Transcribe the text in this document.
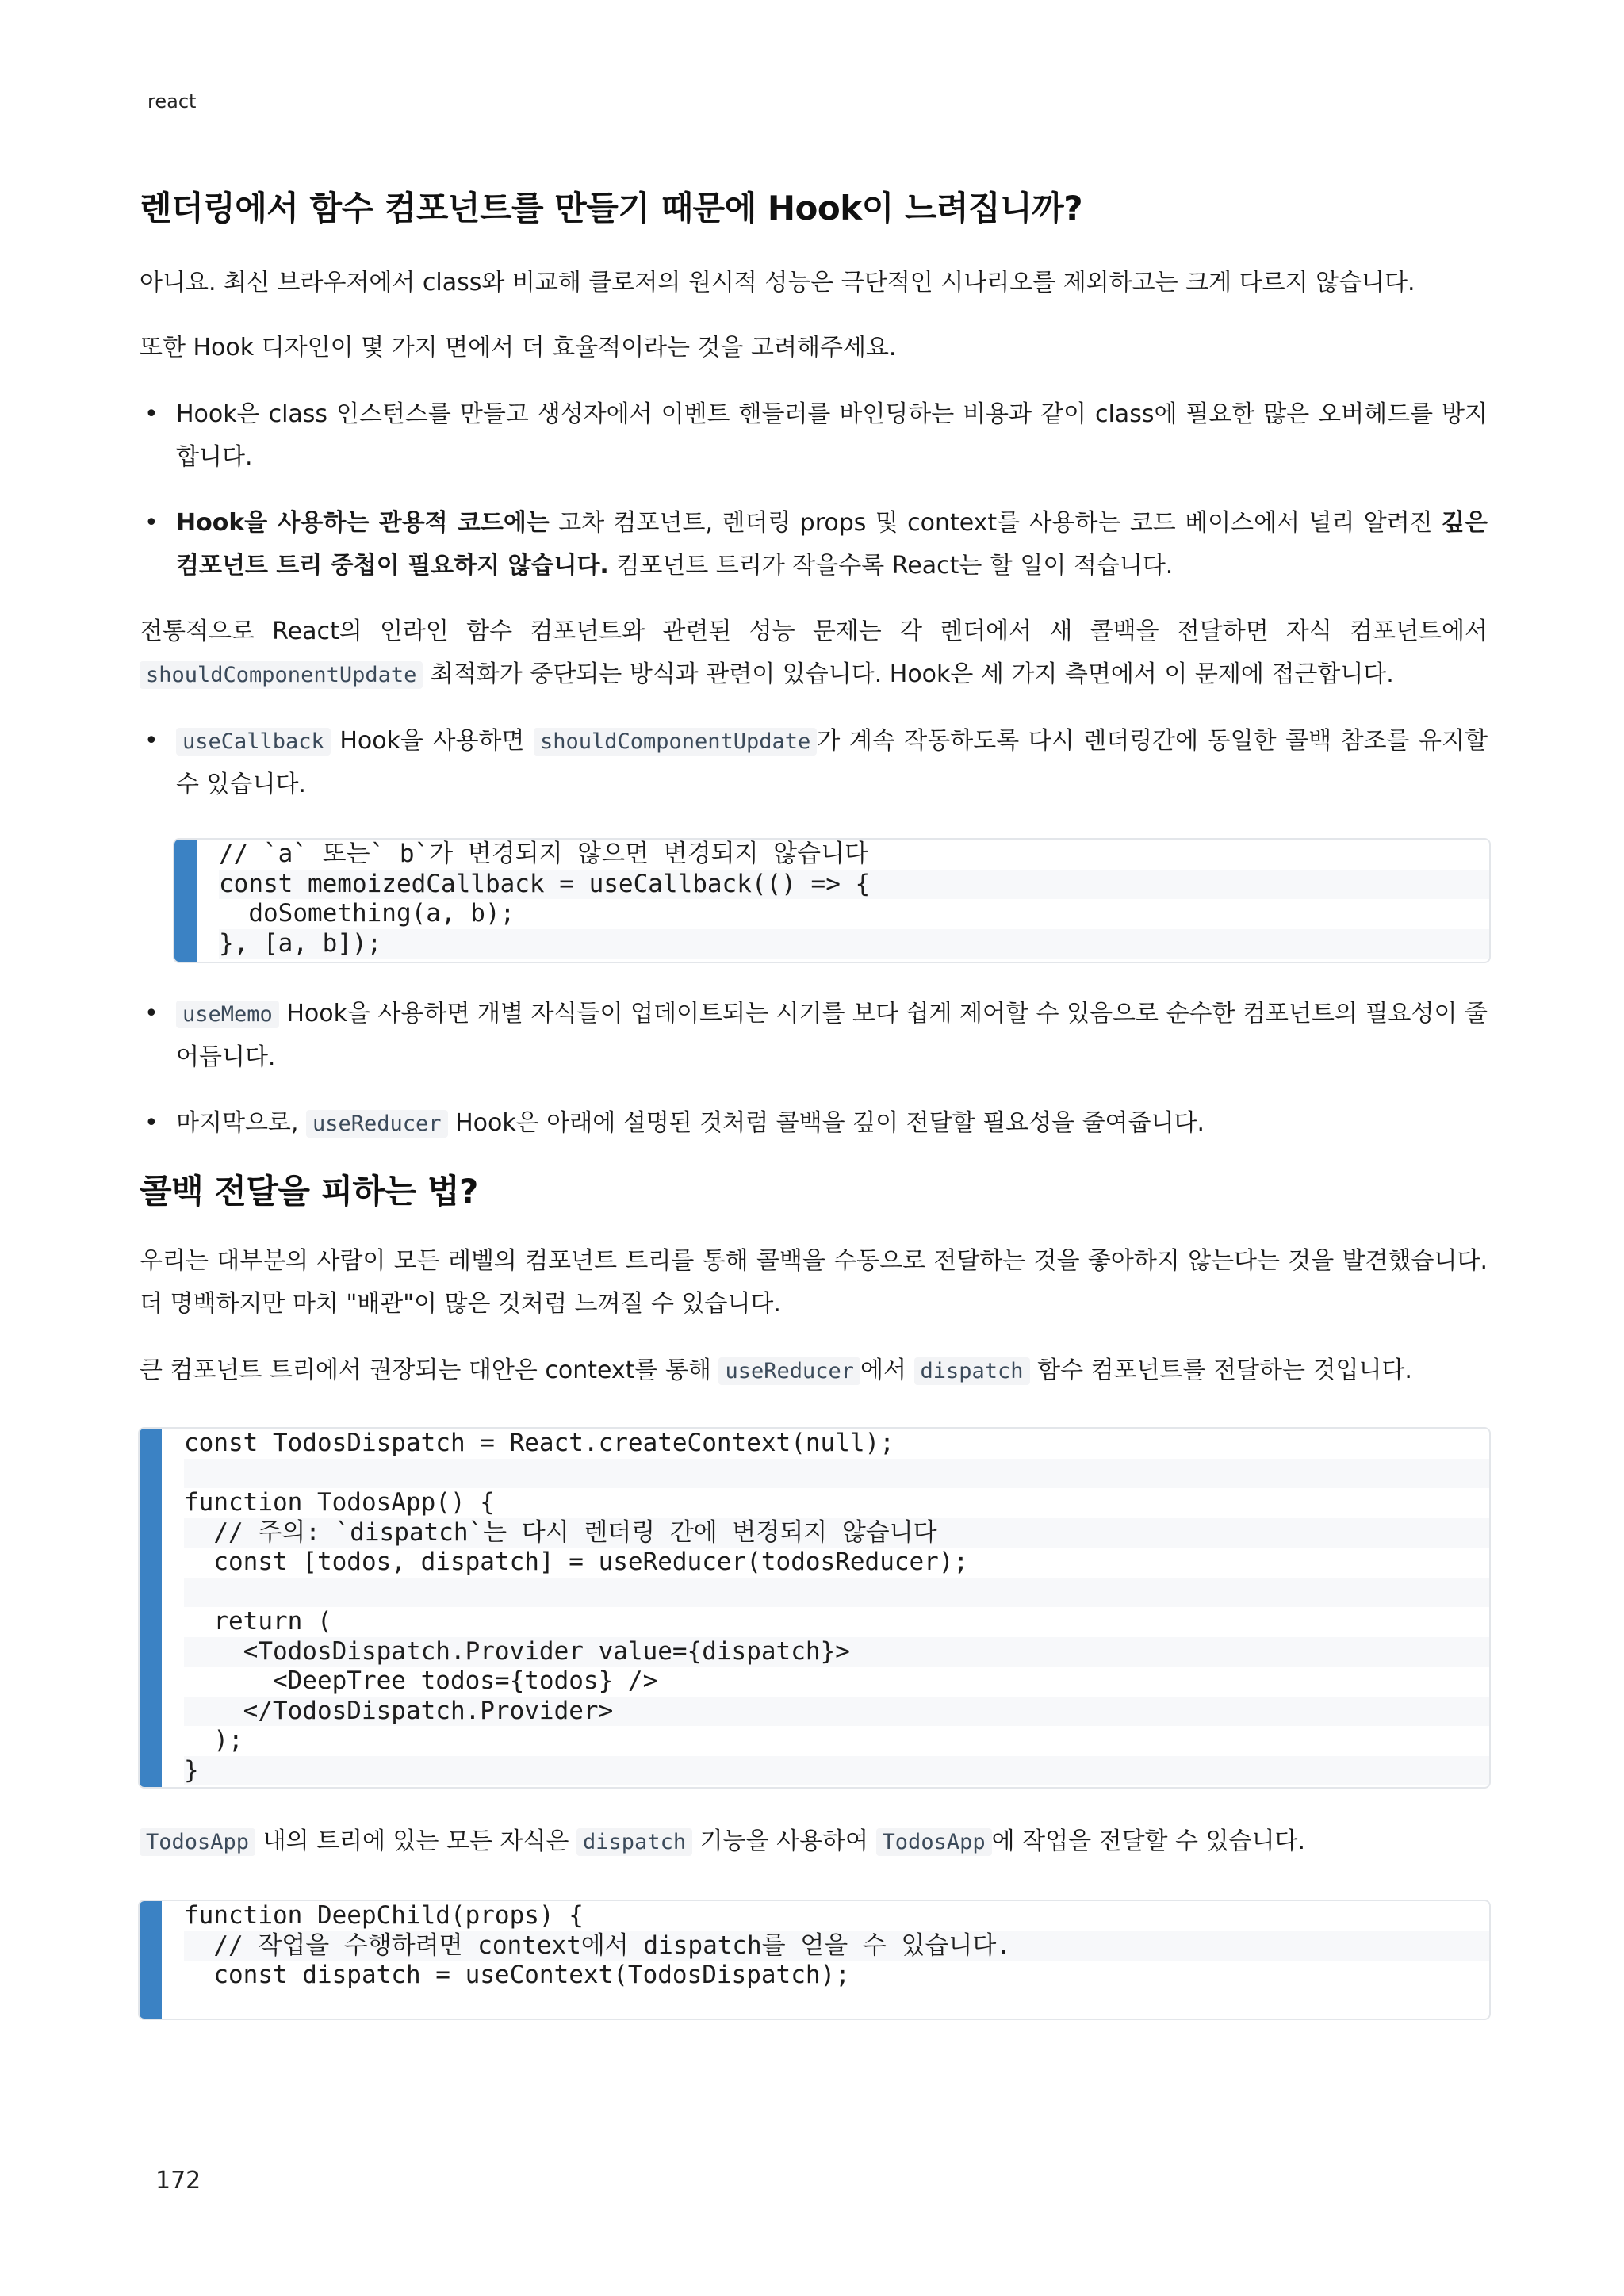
react
렌더링에서 함수 컴포넌트를 만들기 때문에 Hook이 느려집니까?

아니요. 최신 브라우저에서 class와 비교해 클로저의 원시적 성능은 극단적인 시나리오를 제외하고는 크게 다르지 않습니다.

또한 Hook 디자인이 몇 가지 면에서 더 효율적이라는 것을 고려해주세요.

• Hook은 class 인스턴스를 만들고 생성자에서 이벤트 핸들러를 바인딩하는 비용과 같이 class에 필요한 많은 오버헤드를 방지합니다.
• Hook을 사용하는 관용적 코드에는 고차 컴포넌트, 렌더링 props 및 context를 사용하는 코드 베이스에서 널리 알려진 깊은 컴포넌트 트리 중첩이 필요하지 않습니다. 컴포넌트 트리가 작을수록 React는 할 일이 적습니다.

전통적으로 React의 인라인 함수 컴포넌트와 관련된 성능 문제는 각 렌더에서 새 콜백을 전달하면 자식 컴포넌트에서 shouldComponentUpdate 최적화가 중단되는 방식과 관련이 있습니다. Hook은 세 가지 측면에서 이 문제에 접근합니다.

• useCallback Hook을 사용하면 shouldComponentUpdate 가 계속 작동하도록 다시 렌더링간에 동일한 콜백 참조를 유지할 수 있습니다.
// `a` 또는` b`가 변경되지 않으면 변경되지 않습니다
const memoizedCallback = useCallback(() => {
doSomething(a, b);
}, [a, b]);
• useMemo Hook을 사용하면 개별 자식들이 업데이트되는 시기를 보다 쉽게 제어할 수 있음으로 순수한 컴포넌트의 필요성이 줄어듭니다.
• 마지막으로, useReducer Hook은 아래에 설명된 것처럼 콜백을 깊이 전달할 필요성을 줄여줍니다.
콜백 전달을 피하는 법?

우리는 대부분의 사람이 모든 레벨의 컴포넌트 트리를 통해 콜백을 수동으로 전달하는 것을 좋아하지 않는다는 것을 발견했습니다. 더 명백하지만 마치 "배관"이 많은 것처럼 느껴질 수 있습니다.

큰 컴포넌트 트리에서 권장되는 대안은 context를 통해 useReducer 에서 dispatch 함수 컴포넌트를 전달하는 것입니다.

const TodosDispatch = React.createContext(null);
function TodosApp() {
// 주의: `dispatch`는 다시 렌더링 간에 변경되지 않습니다
const [todos, dispatch] = useReducer(todosReducer);
return (
<TodosDispatch.Provider value={dispatch}>
<DeepTree todos={todos} />
</TodosDispatch.Provider>
);
}

TodosApp 내의 트리에 있는 모든 자식은 dispatch 기능을 사용하여 TodosApp 에 작업을 전달할 수 있습니다.

function DeepChild(props) {
// 작업을 수행하려면 context에서 dispatch를 얻을 수 있습니다.
const dispatch = useContext(TodosDispatch);
172
